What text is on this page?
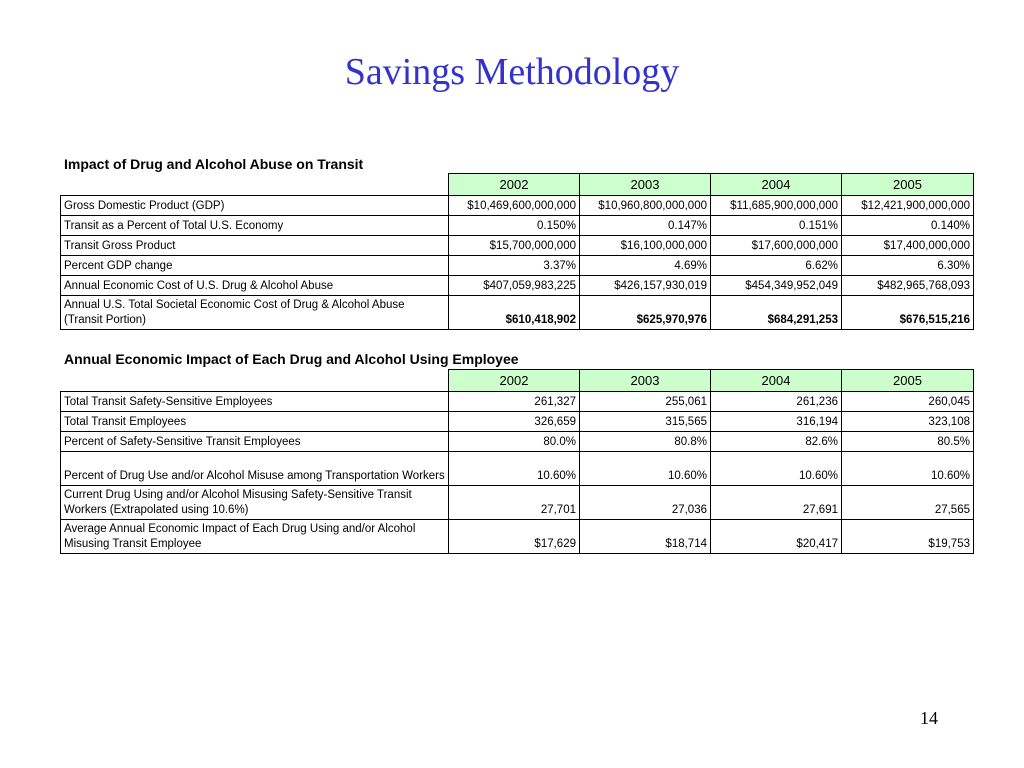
Savings Methodology
Impact of Drug and Alcohol Abuse on Transit
	2002	2003	2004	2005
Gross Domestic Product (GDP)	$10,469,600,000,000	$10,960,800,000,000	$11,685,900,000,000	$12,421,900,000,000
Transit as a Percent of Total U.S. Economy	0.150%	0.147%	0.151%	0.140%
Transit Gross Product	$15,700,000,000	$16,100,000,000	$17,600,000,000	$17,400,000,000
Percent GDP change	3.37%	4.69%	6.62%	6.30%
Annual Economic Cost of U.S. Drug & Alcohol Abuse	$407,059,983,225	$426,157,930,019	$454,349,952,049	$482,965,768,093
Annual U.S. Total Societal Economic Cost of Drug & Alcohol Abuse (Transit Portion)	$610,418,902	$625,970,976	$684,291,253	$676,515,216
Annual Economic Impact of Each Drug and Alcohol Using Employee
	2002	2003	2004	2005
Total Transit Safety-Sensitive Employees	261,327	255,061	261,236	260,045
Total Transit Employees	326,659	315,565	316,194	323,108
Percent of Safety-Sensitive Transit Employees	80.0%	80.8%	82.6%	80.5%
Percent of Drug Use and/or Alcohol Misuse among Transportation Workers	10.60%	10.60%	10.60%	10.60%
Current Drug Using and/or Alcohol Misusing Safety-Sensitive Transit Workers (Extrapolated using 10.6%)	27,701	27,036	27,691	27,565
Average Annual Economic Impact of Each Drug Using and/or Alcohol Misusing Transit Employee	$17,629	$18,714	$20,417	$19,753
14
